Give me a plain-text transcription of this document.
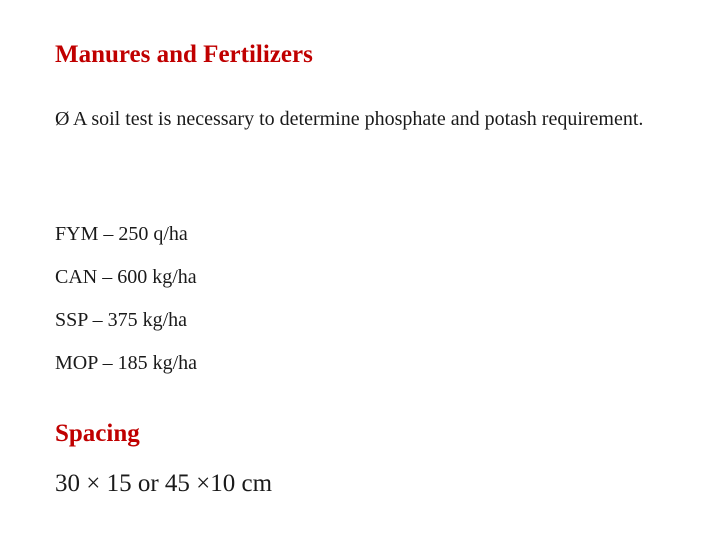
Manures and Fertilizers

Ø A soil test is necessary to determine phosphate and potash requirement.

FYM – 250 q/ha
CAN – 600 kg/ha
SSP – 375 kg/ha
MOP – 185 kg/ha
Spacing

30 × 15 or 45 ×10 cm
